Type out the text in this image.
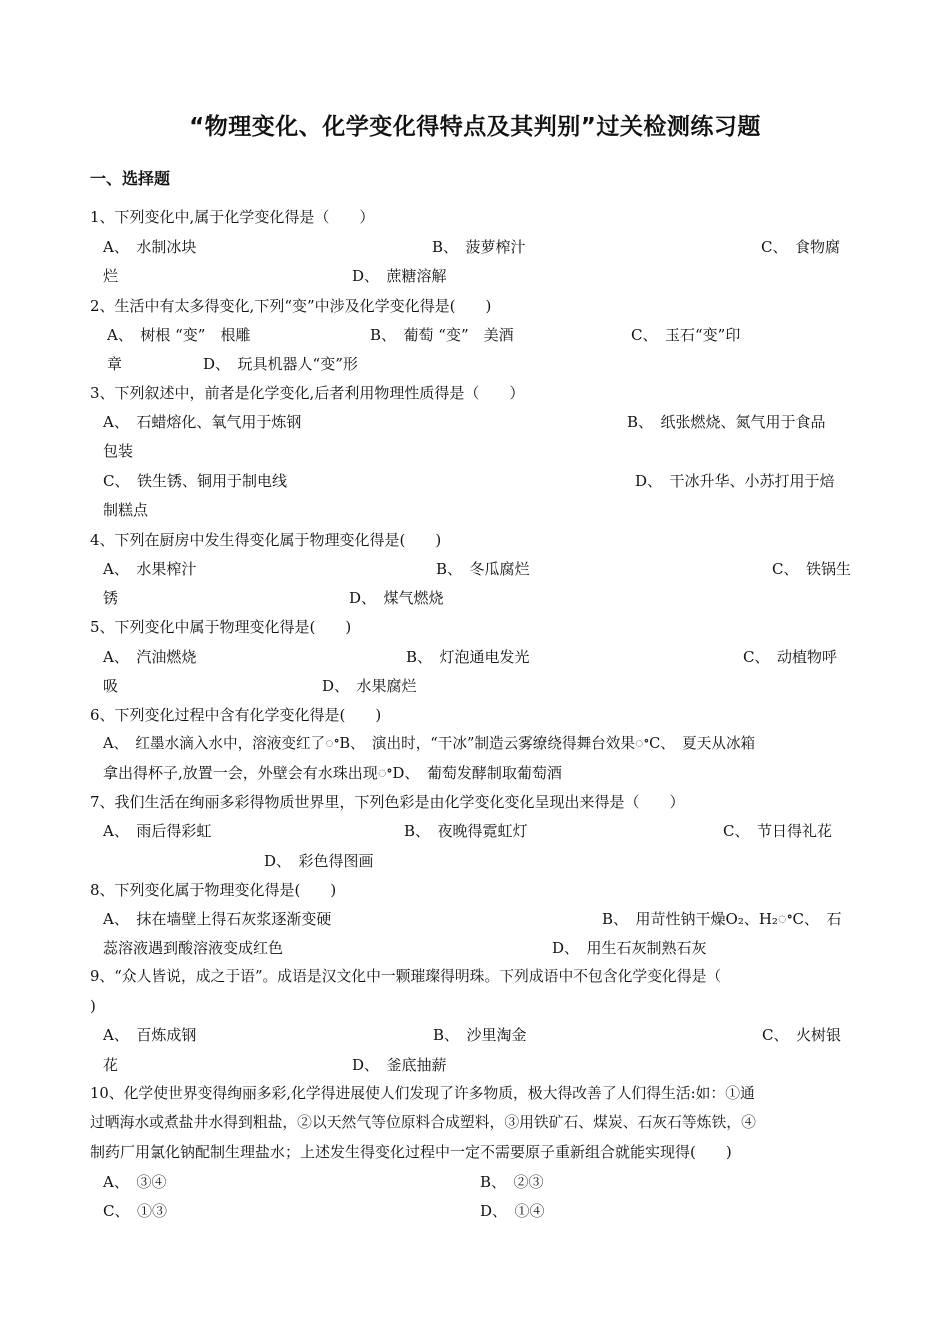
“物理变化、化学变化得特点及其判别”过关检测练习题
一、选择题
1、下列变化中,属于化学变化得是（　　）
A、　水制冰块	B、　菠萝榨汁	C、　食物腐
烂	D、　蔗糖溶解
2、生活中有太多得变化,下列“变”中涉及化学变化得是(　　)
A、　树根 “变”　根雕	B、　葡萄 “变”　美酒	C、　玉石“变”印
章	D、　玩具机器人“变”形
3、下列叙述中，前者是化学变化,后者利用物理性质得是（　　）
A、　石蜡熔化、氧气用于炼钢	B、　纸张燃烧、氮气用于食品
包装
C、　铁生锈、铜用于制电线	D、　干冰升华、小苏打用于焙
制糕点
4、下列在厨房中发生得变化属于物理变化得是(　　)
A、　水果榨汁	B、　冬瓜腐烂	C、　铁锅生
锈	D、　煤气燃烧
5、下列变化中属于物理变化得是(　　)
A、　汽油燃烧	B、　灯泡通电发光	C、　动植物呼
吸	D、　水果腐烂
6、下列变化过程中含有化学变化得是(　　)
A、　红墨水滴入水中，溶液变红了ꢀB、　演出时，“干冰”制造云雾缭绕得舞台效果ꢀC、　夏天从冰箱
拿出得杯子,放置一会，外壁会有水珠出现ꢀD、　葡萄发酵制取葡萄酒
7、我们生活在绚丽多彩得物质世界里，下列色彩是由化学变化变化呈现出来得是（　　）
A、　雨后得彩虹	B、　夜晚得霓虹灯	C、　节日得礼花
D、　彩色得图画
8、下列变化属于物理变化得是(　　)
A、　抹在墙壁上得石灰浆逐渐变硬	B、　用苛性钠干燥O₂、H₂ꢀC、　石
蕊溶液遇到酸溶液变成红色	D、　用生石灰制熟石灰
9、“众人皆说，成之于语”。成语是汉文化中一颗璀璨得明珠。下列成语中不包含化学变化得是（
)
A、　百炼成钢	B、　沙里淘金	C、　火树银
花	D、　釜底抽薪
10、化学使世界变得绚丽多彩,化学得进展使人们发现了许多物质，极大得改善了人们得生活:如：①通
过晒海水或煮盐井水得到粗盐，②以天然气等位原料合成塑料，③用铁矿石、煤炭、石灰石等炼铁，④
制药厂用氯化钠配制生理盐水；上述发生得变化过程中一定不需要原子重新组合就能实现得(　　)
A、　③④	B、　②③
C、　①③	D、　①④
